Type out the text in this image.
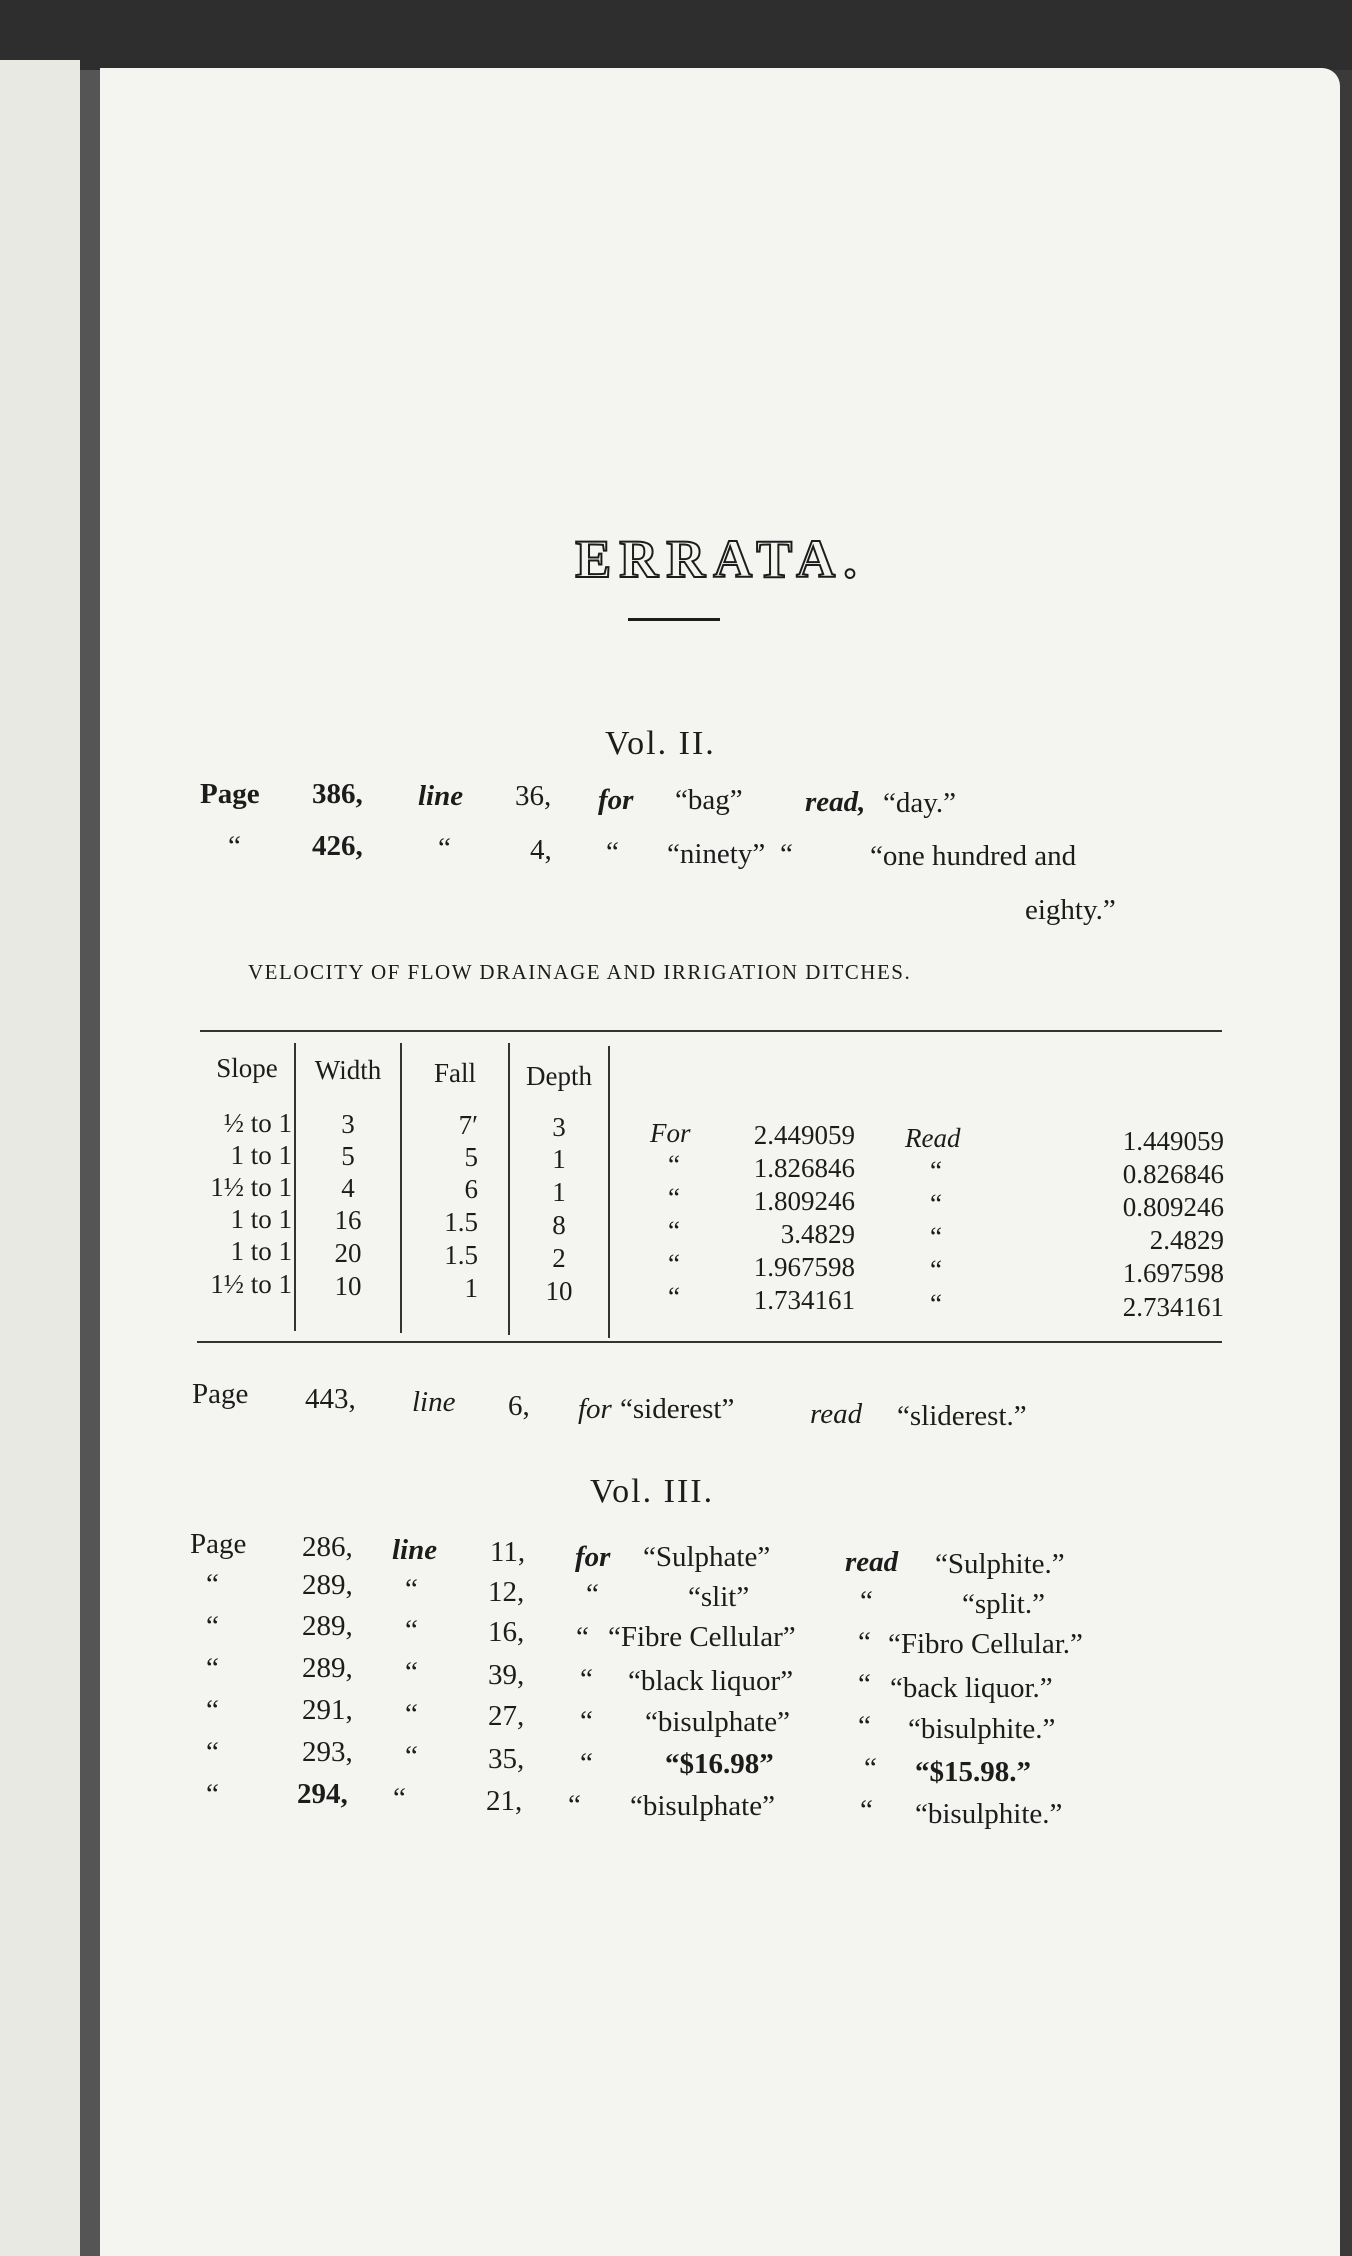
ERRATA.
Vol. II.
Page 386, line 36, for “bag” read, “day.”
“ 426,	“	4, “ “ninety” “	“one hundred and
eighty.”
VELOCITY OF FLOW DRAINAGE AND IRRIGATION DITCHES.
Slope	Width	Fall	Depth
½ to 1	3	7′	3	For	2.449059 Read	1.449059
1 to 1	5	5	1	“	1.826846	“	0.826846
1½ to 1	4	6	1	“	1.809246	“	0.809246
1 to 1	16	1.5	8	“	3.4829	“	2.4829
1 to 1	20	1.5	2	“	1.967598	“	1.697598
1½ to 1	10	1	10	“	1.734161	“	2.734161
Page 443, line 6, for “siderest”	read “sliderest.”
Vol. III.
Page 286, line 11, for “Sulphate”	read “Sulphite.”
“	289, “ 12, “	“slit”	“	“split.”
“	289, “ 16, “ “Fibre Cellular” “ “Fibro Cellular.”
“	289, “ 39, “ “black liquor” “ “back liquor.”
“	291, “ 27, “ “bisulphate” “ “bisulphite.”
“	293, “ 35, “ “$16.98”	“ “$15.98.”
“	294, “	21, “ “bisulphate”	“ “bisulphite.”
